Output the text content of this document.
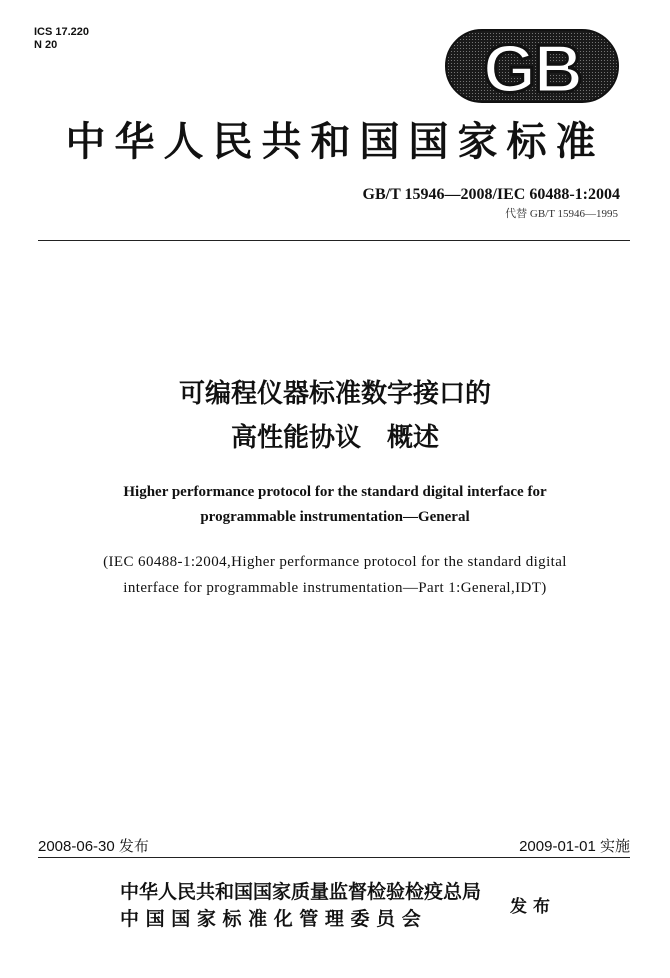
ICS 17.220
N 20	GB
中华人民共和国国家标准
GB/T 15946—2008/IEC 60488-1:2004
代替 GB/T 15946—1995
可编程仪器标准数字接口的
高性能协议　概述
Higher performance protocol for the standard digital interface for
programmable instrumentation—General
(IEC 60488-1:2004,Higher performance protocol for the standard digital
interface for programmable instrumentation—Part 1:General,IDT)
2008-06-30 发布	2009-01-01 实施
中华人民共和国国家质量监督检验检疫总局
中 国 国 家 标 准 化 管 理 委 员 会
发布
